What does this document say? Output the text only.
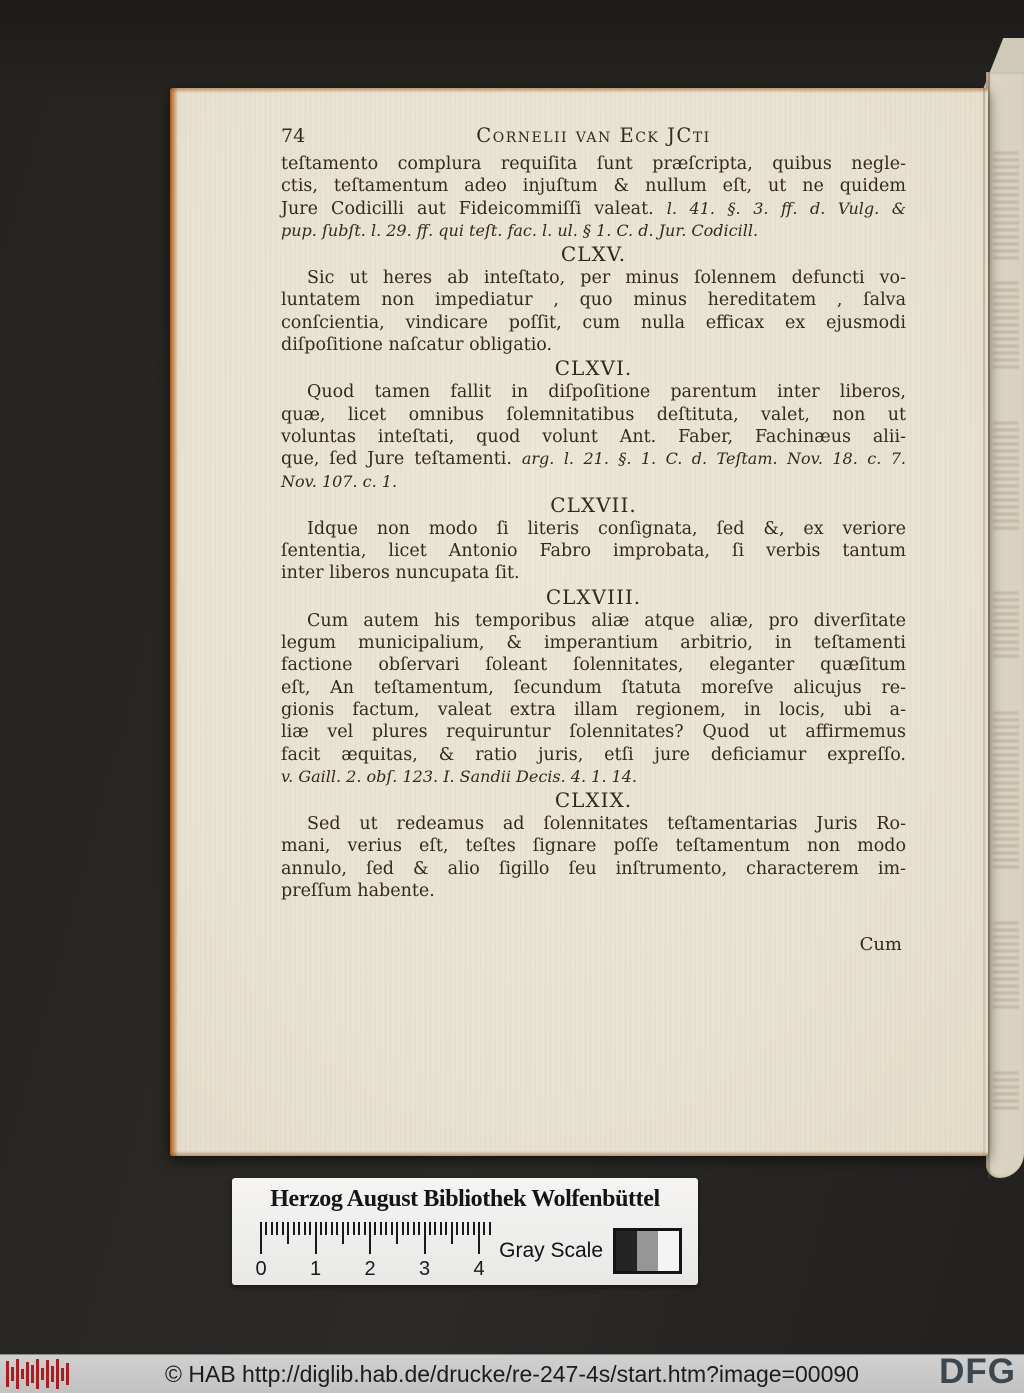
74	Cornelii van Eck JCti
teſtamento complura requiſita ſunt præſcripta, quibus negle-
ctis, teſtamentum adeo injuſtum & nullum eſt, ut ne quidem
Jure Codicilli aut Fideicommiſſi valeat. l. 41. §. 3. ff. d. Vulg. &
pup. ſubſt. l. 29. ff. qui teſt. fac. l. ul. § 1. C. d. Jur. Codicill.
CLXV.
Sic ut heres ab inteſtato, per minus ſolennem defuncti vo-
luntatem non impediatur , quo minus hereditatem , ſalva
conſcientia, vindicare poſſit, cum nulla efficax ex ejusmodi
diſpoſitione naſcatur obligatio.
CLXVI.
Quod tamen fallit in diſpoſitione parentum inter liberos,
quæ, licet omnibus ſolemnitatibus deſtituta, valet, non ut
voluntas inteſtati, quod volunt Ant. Faber, Fachinæus alii-
que, ſed Jure teſtamenti. arg. l. 21. §. 1. C. d. Teſtam. Nov. 18. c. 7.
Nov. 107. c. 1.
CLXVII.
Idque non modo ſi literis conſignata, ſed &, ex veriore
ſententia, licet Antonio Fabro improbata, ſi verbis tantum
inter liberos nuncupata ſit.
CLXVIII.
Cum autem his temporibus aliæ atque aliæ, pro diverſitate
legum municipalium, & imperantium arbitrio, in teſtamenti
factione obſervari ſoleant ſolennitates, eleganter quæſitum
eſt, An teſtamentum, ſecundum ſtatuta moreſve alicujus re-
gionis factum, valeat extra illam regionem, in locis, ubi a-
liæ vel plures requiruntur ſolennitates? Quod ut affirmemus
facit æquitas, & ratio juris, etſi jure deficiamur expreſſo.
v. Gaill. 2. obſ. 123. I. Sandii Decis. 4. 1. 14.
CLXIX.
Sed ut redeamus ad ſolennitates teſtamentarias Juris Ro-
mani, verius eſt, teſtes ſignare poſſe teſtamentum non modo
annulo, ſed & alio ſigillo ſeu inſtrumento, characterem im-
preſſum habente.
Cum
Herzog August Bibliothek Wolfenbüttel
0 1 2 3 4
Gray Scale
© HAB http://diglib.hab.de/drucke/re-247-4s/start.htm?image=00090	DFG
